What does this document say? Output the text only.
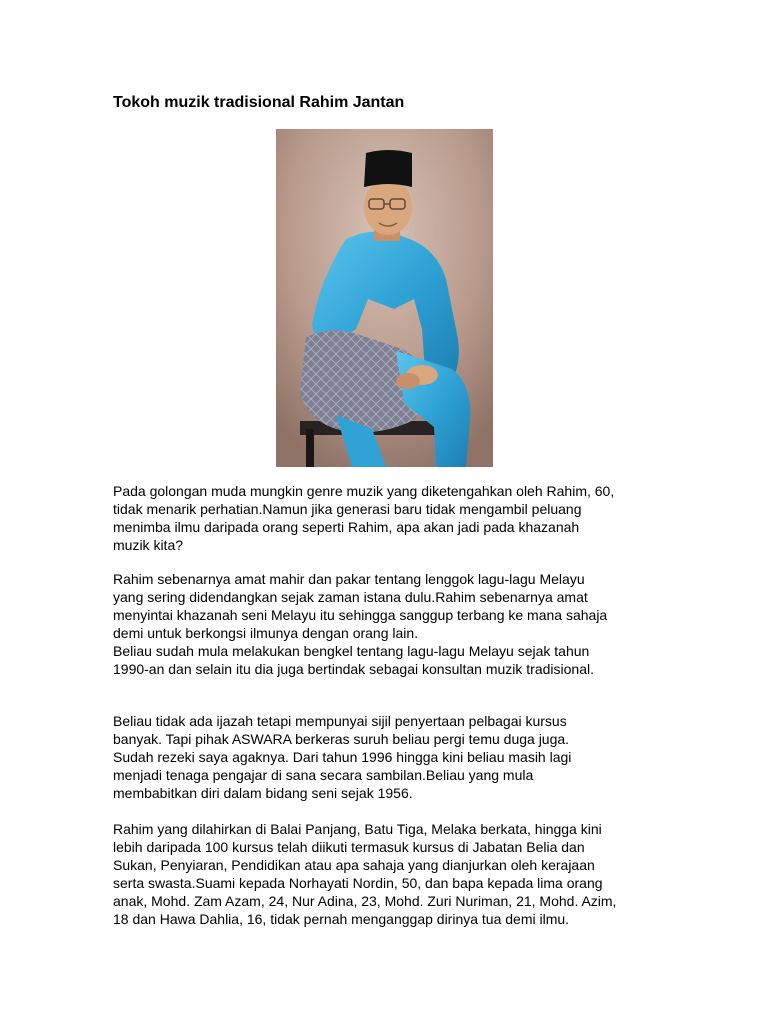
Tokoh muzik tradisional Rahim Jantan

Pada golongan muda mungkin genre muzik yang diketengahkan oleh Rahim, 60,
tidak menarik perhatian.Namun jika generasi baru tidak mengambil peluang
menimba ilmu daripada orang seperti Rahim, apa akan jadi pada khazanah
muzik kita?

Rahim sebenarnya amat mahir dan pakar tentang lenggok lagu-lagu Melayu
yang sering didendangkan sejak zaman istana dulu.Rahim sebenarnya amat
menyintai khazanah seni Melayu itu sehingga sanggup terbang ke mana sahaja
demi untuk berkongsi ilmunya dengan orang lain.
Beliau sudah mula melakukan bengkel tentang lagu-lagu Melayu sejak tahun
1990-an dan selain itu dia juga bertindak sebagai konsultan muzik tradisional.

Beliau tidak ada ijazah tetapi mempunyai sijil penyertaan pelbagai kursus
banyak. Tapi pihak ASWARA berkeras suruh beliau pergi temu duga juga.
Sudah rezeki saya agaknya. Dari tahun 1996 hingga kini beliau masih lagi
menjadi tenaga pengajar di sana secara sambilan.Beliau yang mula
membabitkan diri dalam bidang seni sejak 1956.

Rahim yang dilahirkan di Balai Panjang, Batu Tiga, Melaka berkata, hingga kini
lebih daripada 100 kursus telah diikuti termasuk kursus di Jabatan Belia dan
Sukan, Penyiaran, Pendidikan atau apa sahaja yang dianjurkan oleh kerajaan
serta swasta.Suami kepada Norhayati Nordin, 50, dan bapa kepada lima orang
anak, Mohd. Zam Azam, 24, Nur Adina, 23, Mohd. Zuri Nuriman, 21, Mohd. Azim,
18 dan Hawa Dahlia, 16, tidak pernah menganggap dirinya tua demi ilmu.
